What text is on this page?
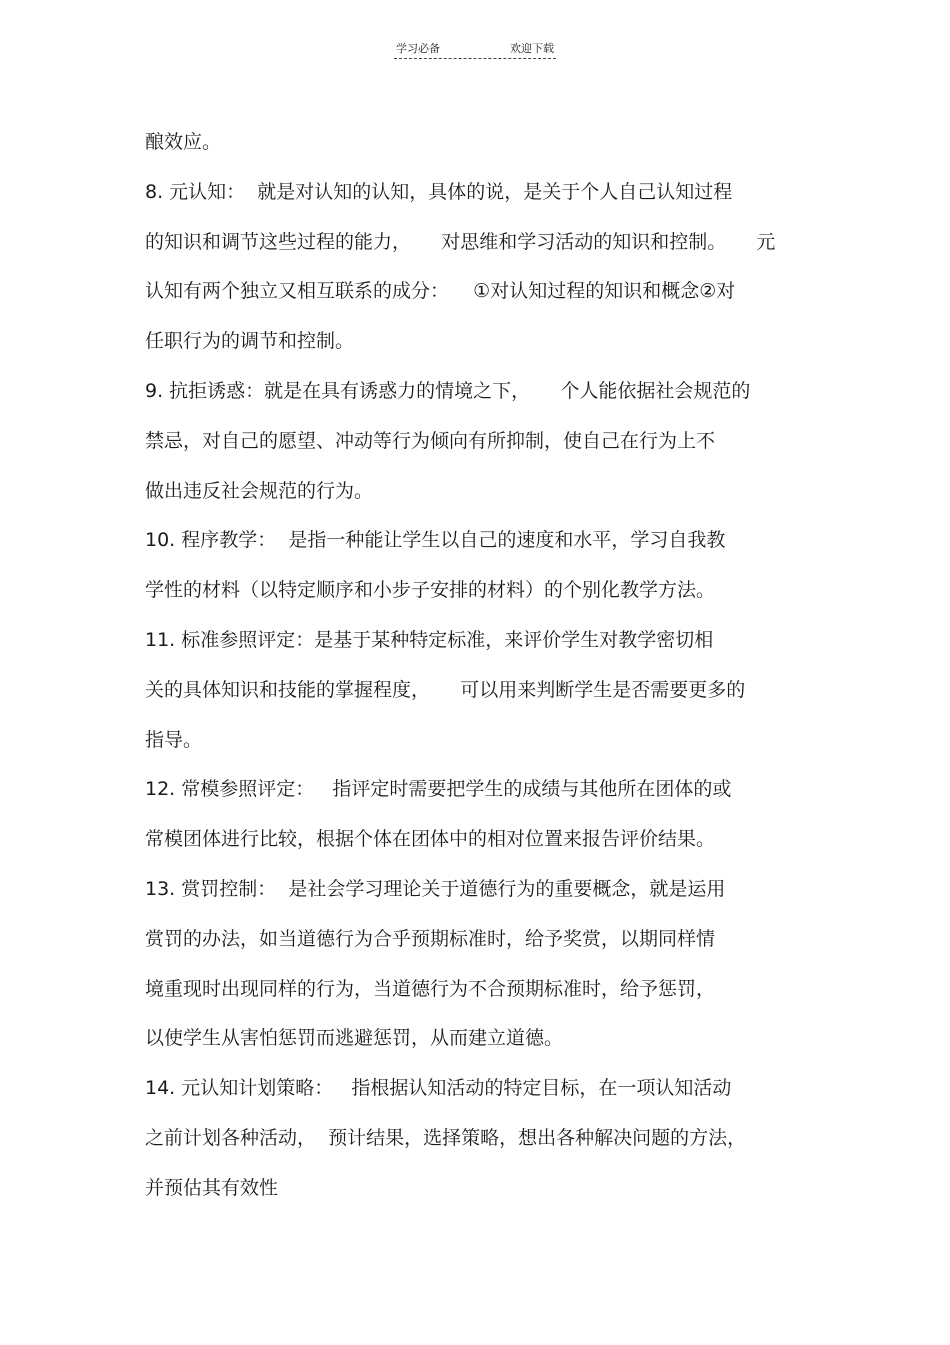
学习必备	欢迎下载
酿效应。
8. 元认知：  就是对认知的认知，具体的说，是关于个人自己认知过程
的知识和调节这些过程的能力，     对思维和学习活动的知识和控制。     元
认知有两个独立又相互联系的成分：    ①对认知过程的知识和概念②对
任职行为的调节和控制。
9. 抗拒诱惑：就是在具有诱惑力的情境之下，     个人能依据社会规范的
禁忌，对自己的愿望、冲动等行为倾向有所抑制，使自己在行为上不
做出违反社会规范的行为。
10. 程序教学：  是指一种能让学生以自己的速度和水平，学习自我教
学性的材料（以特定顺序和小步子安排的材料）的个别化教学方法。
11. 标准参照评定：是基于某种特定标准，来评价学生对教学密切相
关的具体知识和技能的掌握程度，     可以用来判断学生是否需要更多的
指导。
12. 常模参照评定：   指评定时需要把学生的成绩与其他所在团体的或
常模团体进行比较，根据个体在团体中的相对位置来报告评价结果。
13. 赏罚控制：  是社会学习理论关于道德行为的重要概念，就是运用
赏罚的办法，如当道德行为合乎预期标准时，给予奖赏，以期同样情
境重现时出现同样的行为，当道德行为不合预期标准时，给予惩罚，
以使学生从害怕惩罚而逃避惩罚，从而建立道德。
14. 元认知计划策略：   指根据认知活动的特定目标，在一项认知活动
之前计划各种活动，  预计结果，选择策略，想出各种解决问题的方法，
并预估其有效性
